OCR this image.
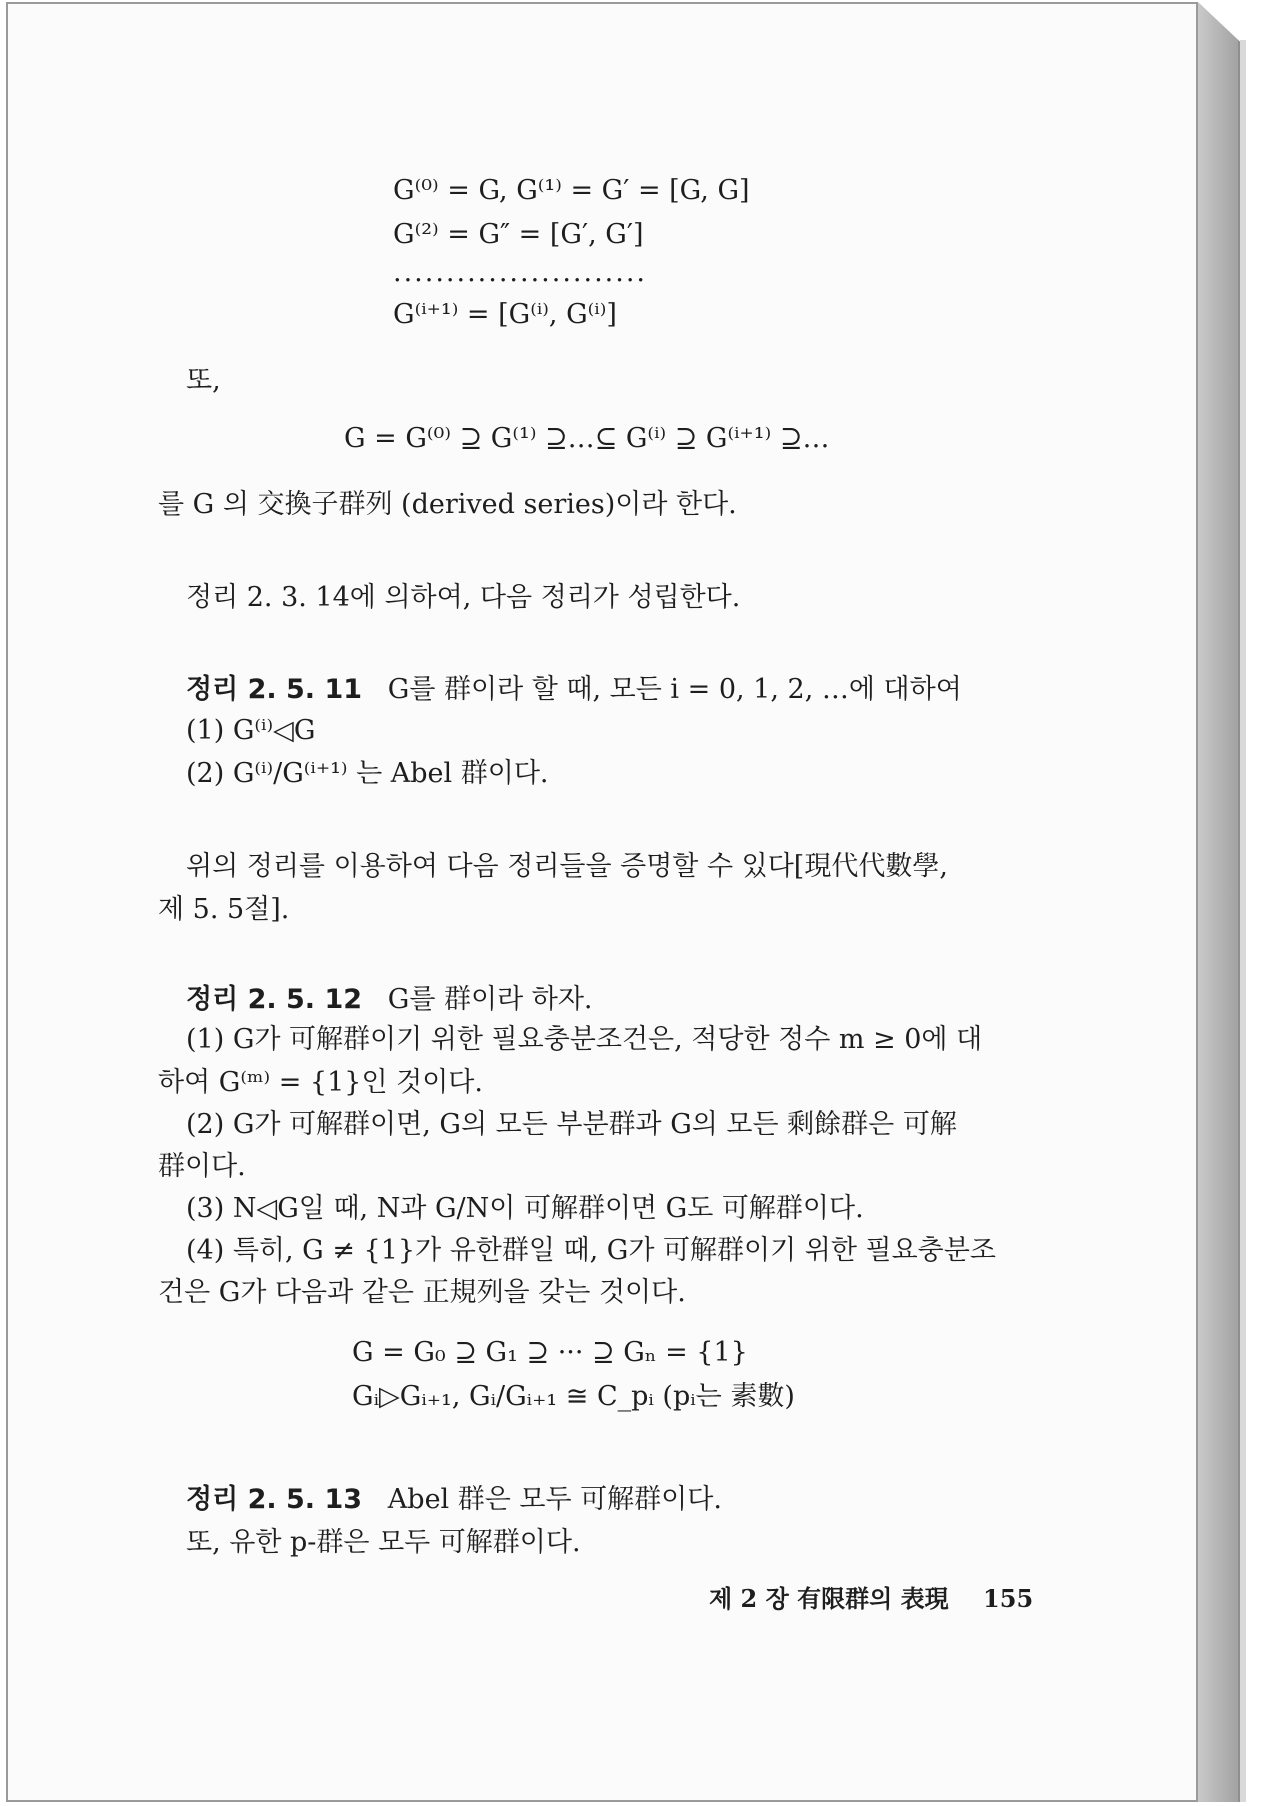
G⁽⁰⁾ = G, G⁽¹⁾ = G′ = [G, G]
G⁽²⁾ = G″ = [G′, G′]
........................
G⁽ⁱ⁺¹⁾ = [G⁽ⁱ⁾, G⁽ⁱ⁾]
또,
G = G⁽⁰⁾ ⊇ G⁽¹⁾ ⊇…⊆ G⁽ⁱ⁾ ⊇ G⁽ⁱ⁺¹⁾ ⊇…
를 G 의 交換子群列 (derived series)이라 한다.
정리 2. 3. 14에 의하여, 다음 정리가 성립한다.
정리 2. 5. 11 G를 群이라 할 때, 모든 i = 0, 1, 2, …에 대하여
(1) G⁽ⁱ⁾◁G
(2) G⁽ⁱ⁾/G⁽ⁱ⁺¹⁾ 는 Abel 群이다.
위의 정리를 이용하여 다음 정리들을 증명할 수 있다[現代代數學,
제 5. 5절].
정리 2. 5. 12 G를 群이라 하자.
(1) G가 可解群이기 위한 필요충분조건은, 적당한 정수 m ≥ 0에 대
하여 G⁽ᵐ⁾ = {1}인 것이다.
(2) G가 可解群이면, G의 모든 부분群과 G의 모든 剩餘群은 可解
群이다.
(3) N◁G일 때, N과 G/N이 可解群이면 G도 可解群이다.
(4) 특히, G ≠ {1}가 유한群일 때, G가 可解群이기 위한 필요충분조
건은 G가 다음과 같은 正規列을 갖는 것이다.
G = G₀ ⊇ G₁ ⊇ ··· ⊇ Gₙ = {1}
Gᵢ▷Gᵢ₊₁, Gᵢ/Gᵢ₊₁ ≅ C_pᵢ (pᵢ는 素數)
정리 2. 5. 13 Abel 群은 모두 可解群이다.
또, 유한 p-群은 모두 可解群이다.
제 2 장 有限群의 表現 155
